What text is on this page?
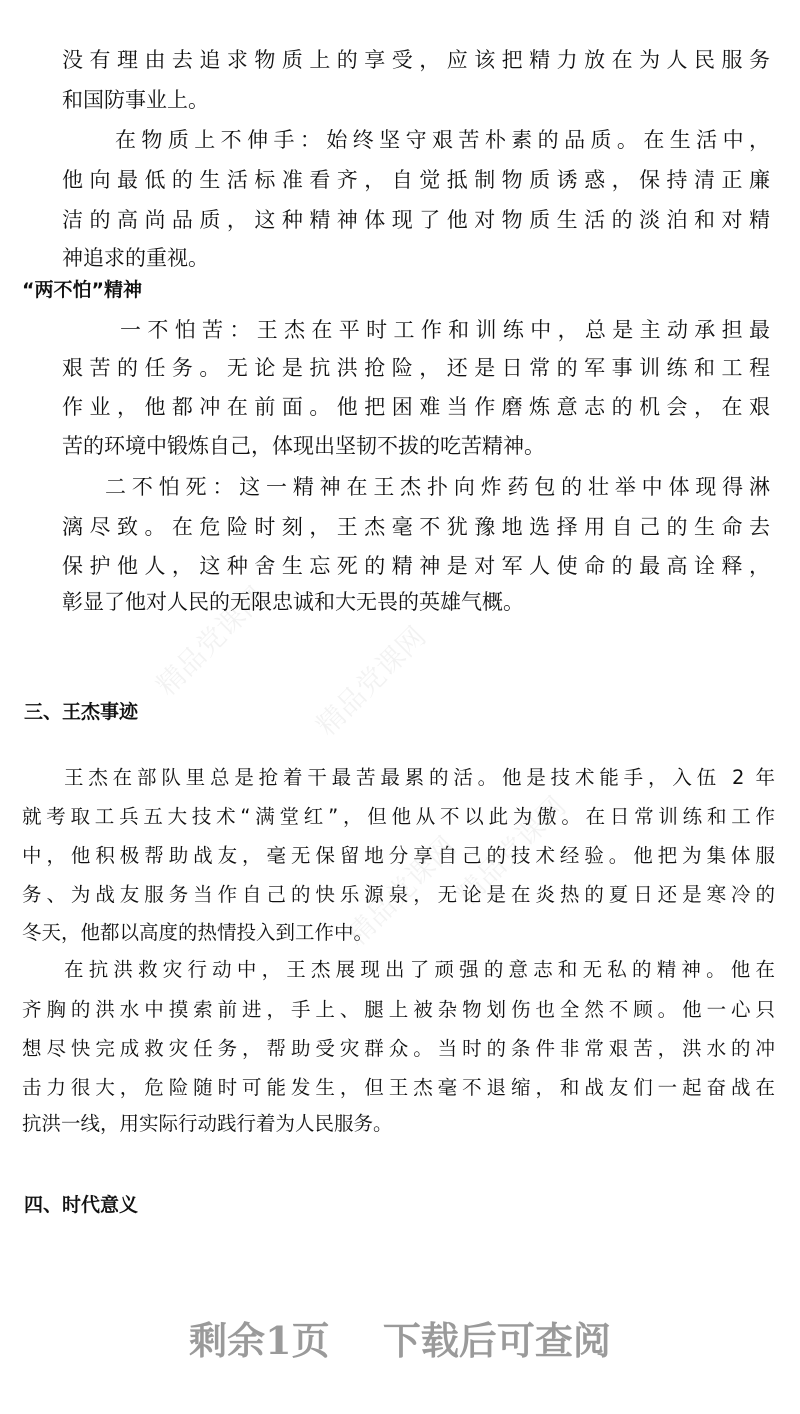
“两不怕”精神
三、王杰事迹
四、时代意义
剩余1页 下载后可查阅
没有理由去追求物质上的享受，应该把精力放在为人民服务
和国防事业上。
在物质上不伸手：始终坚守艰苦朴素的品质。在生活中，
他向最低的生活标准看齐，自觉抵制物质诱惑，保持清正廉
洁的高尚品质，这种精神体现了他对物质生活的淡泊和对精
神追求的重视。
一不怕苦：王杰在平时工作和训练中，总是主动承担最
艰苦的任务。无论是抗洪抢险，还是日常的军事训练和工程
作业，他都冲在前面。他把困难当作磨炼意志的机会，在艰
苦的环境中锻炼自己，体现出坚韧不拔的吃苦精神。
二不怕死：这一精神在王杰扑向炸药包的壮举中体现得淋
漓尽致。在危险时刻，王杰毫不犹豫地选择用自己的生命去
保护他人，这种舍生忘死的精神是对军人使命的最高诠释，
彰显了他对人民的无限忠诚和大无畏的英雄气概。
王杰在部队里总是抢着干最苦最累的活。他是技术能手，入伍 2 年
就考取工兵五大技术“满堂红”，但他从不以此为傲。在日常训练和工作
中，他积极帮助战友，毫无保留地分享自己的技术经验。他把为集体服
务、为战友服务当作自己的快乐源泉，无论是在炎热的夏日还是寒冷的
冬天，他都以高度的热情投入到工作中。
在抗洪救灾行动中，王杰展现出了顽强的意志和无私的精神。他在
齐胸的洪水中摸索前进，手上、腿上被杂物划伤也全然不顾。他一心只
想尽快完成救灾任务，帮助受灾群众。当时的条件非常艰苦，洪水的冲
击力很大，危险随时可能发生，但王杰毫不退缩，和战友们一起奋战在
抗洪一线，用实际行动践行着为人民服务。
精品党课网 精品党课网
精品党课网
精品党课网
